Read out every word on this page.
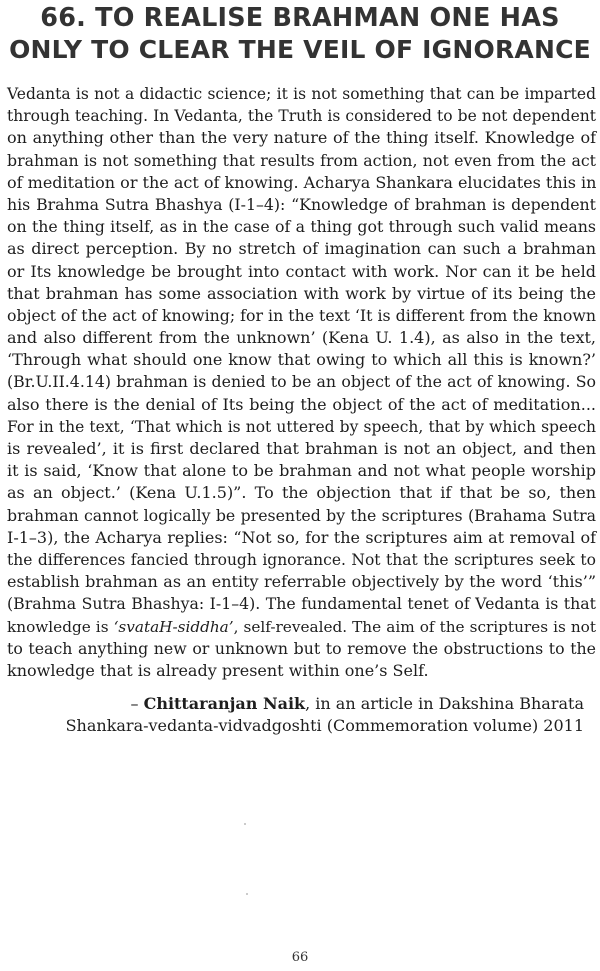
66. TO REALISE BRAHMAN ONE HAS
ONLY TO CLEAR THE VEIL OF IGNORANCE
Vedanta is not a didactic science; it is not something that can be imparted
through teaching. In Vedanta, the Truth is considered to be not dependent
on anything other than the very nature of the thing itself. Knowledge of
brahman is not something that results from action, not even from the act
of meditation or the act of knowing. Acharya Shankara elucidates this in
his Brahma Sutra Bhashya (I-1–4): “Knowledge of brahman is dependent
on the thing itself, as in the case of a thing got through such valid means
as direct perception. By no stretch of imagination can such a brahman
or Its knowledge be brought into contact with work. Nor can it be held
that brahman has some association with work by virtue of its being the
object of the act of knowing; for in the text ‘It is different from the known
and also different from the unknown’ (Kena U. 1.4), as also in the text,
‘Through what should one know that owing to which all this is known?’
(Br.U.II.4.14) brahman is denied to be an object of the act of knowing. So
also there is the denial of Its being the object of the act of meditation...
For in the text, ‘That which is not uttered by speech, that by which speech
is revealed’, it is first declared that brahman is not an object, and then
it is said, ‘Know that alone to be brahman and not what people worship
as an object.’ (Kena U.1.5)”. To the objection that if that be so, then
brahman cannot logically be presented by the scriptures (Brahama Sutra
I-1–3), the Acharya replies: “Not so, for the scriptures aim at removal of
the differences fancied through ignorance. Not that the scriptures seek to
establish brahman as an entity referrable objectively by the word ‘this’”
(Brahma Sutra Bhashya: I-1–4). The fundamental tenet of Vedanta is that
knowledge is ‘svataH-siddha’, self-revealed. The aim of the scriptures is not
to teach anything new or unknown but to remove the obstructions to the
knowledge that is already present within one’s Self.
– Chittaranjan Naik, in an article in Dakshina Bharata
Shankara-vedanta-vidvadgoshti (Commemoration volume) 2011
66
